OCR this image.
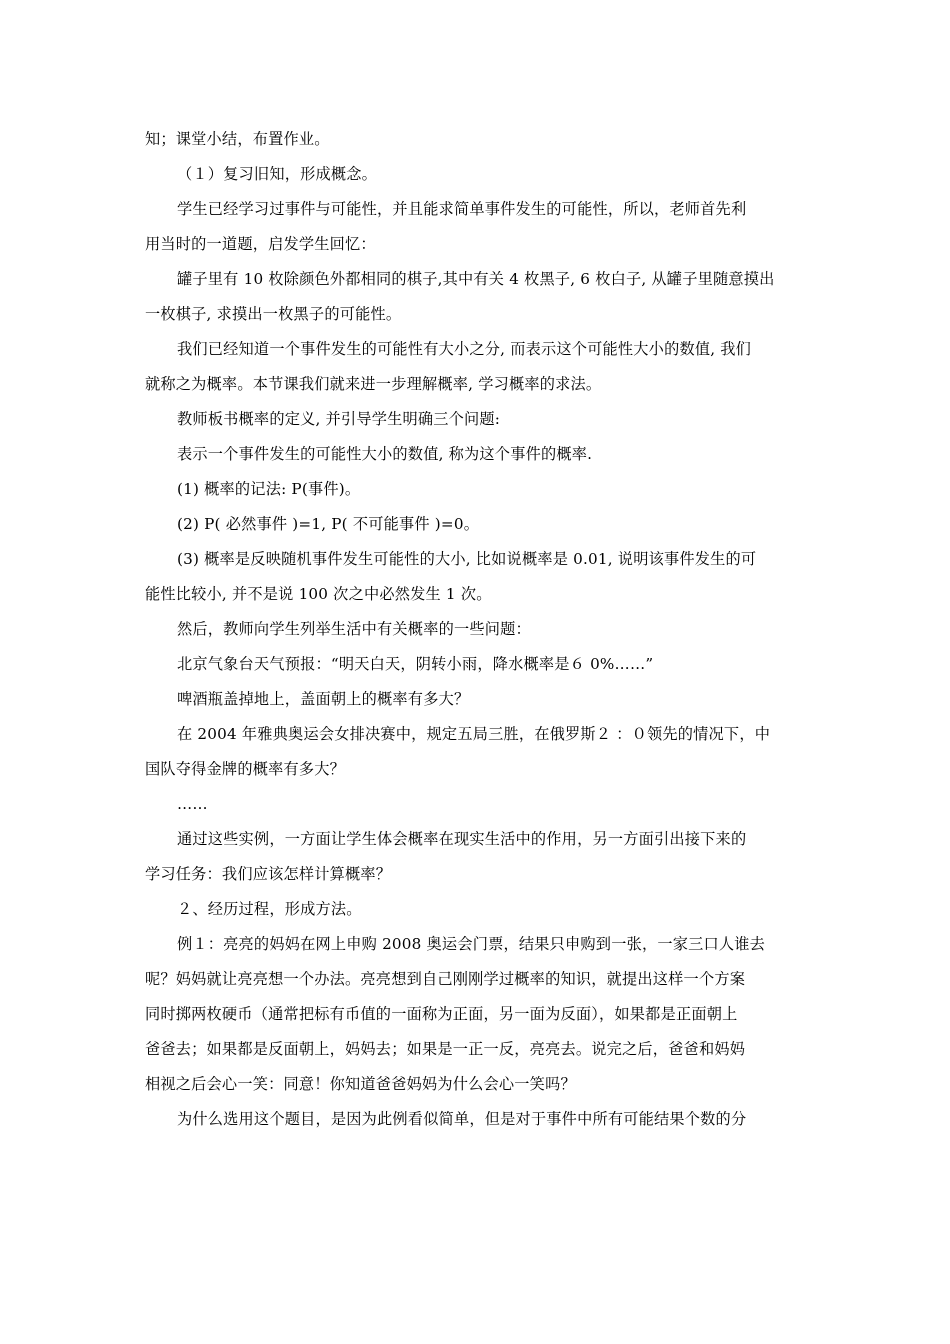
知；课堂小结，布置作业。
（１）复习旧知，形成概念。
学生已经学习过事件与可能性，并且能求简单事件发生的可能性，所以，老师首先利
用当时的一道题，启发学生回忆：
罐子里有 10 枚除颜色外都相同的棋子,其中有关 4 枚黑子, 6 枚白子, 从罐子里随意摸出
一枚棋子, 求摸出一枚黑子的可能性。
我们已经知道一个事件发生的可能性有大小之分, 而表示这个可能性大小的数值, 我们
就称之为概率。本节课我们就来进一步理解概率, 学习概率的求法。
教师板书概率的定义, 并引导学生明确三个问题:
表示一个事件发生的可能性大小的数值, 称为这个事件的概率.
(1) 概率的记法: P(事件)。
(2) P( 必然事件 )=1, P( 不可能事件 )=0。
(3) 概率是反映随机事件发生可能性的大小, 比如说概率是 0.01, 说明该事件发生的可
能性比较小, 并不是说 100 次之中必然发生 1 次。
然后，教师向学生列举生活中有关概率的一些问题：
北京气象台天气预报：“明天白天，阴转小雨，降水概率是６ 0%……”
啤酒瓶盖掉地上，盖面朝上的概率有多大？
在 2004 年雅典奥运会女排决赛中，规定五局三胜，在俄罗斯２ ：０领先的情况下，中
国队夺得金牌的概率有多大？
……
通过这些实例，一方面让学生体会概率在现实生活中的作用，另一方面引出接下来的
学习任务：我们应该怎样计算概率？
２、经历过程，形成方法。
例１：亮亮的妈妈在网上申购 2008 奥运会门票，结果只申购到一张，一家三口人谁去
呢？妈妈就让亮亮想一个办法。亮亮想到自己刚刚学过概率的知识，就提出这样一个方案
同时掷两枚硬币（通常把标有币值的一面称为正面，另一面为反面），如果都是正面朝上
爸爸去；如果都是反面朝上，妈妈去；如果是一正一反，亮亮去。说完之后，爸爸和妈妈
相视之后会心一笑：同意！你知道爸爸妈妈为什么会心一笑吗？
为什么选用这个题目，是因为此例看似简单，但是对于事件中所有可能结果个数的分
